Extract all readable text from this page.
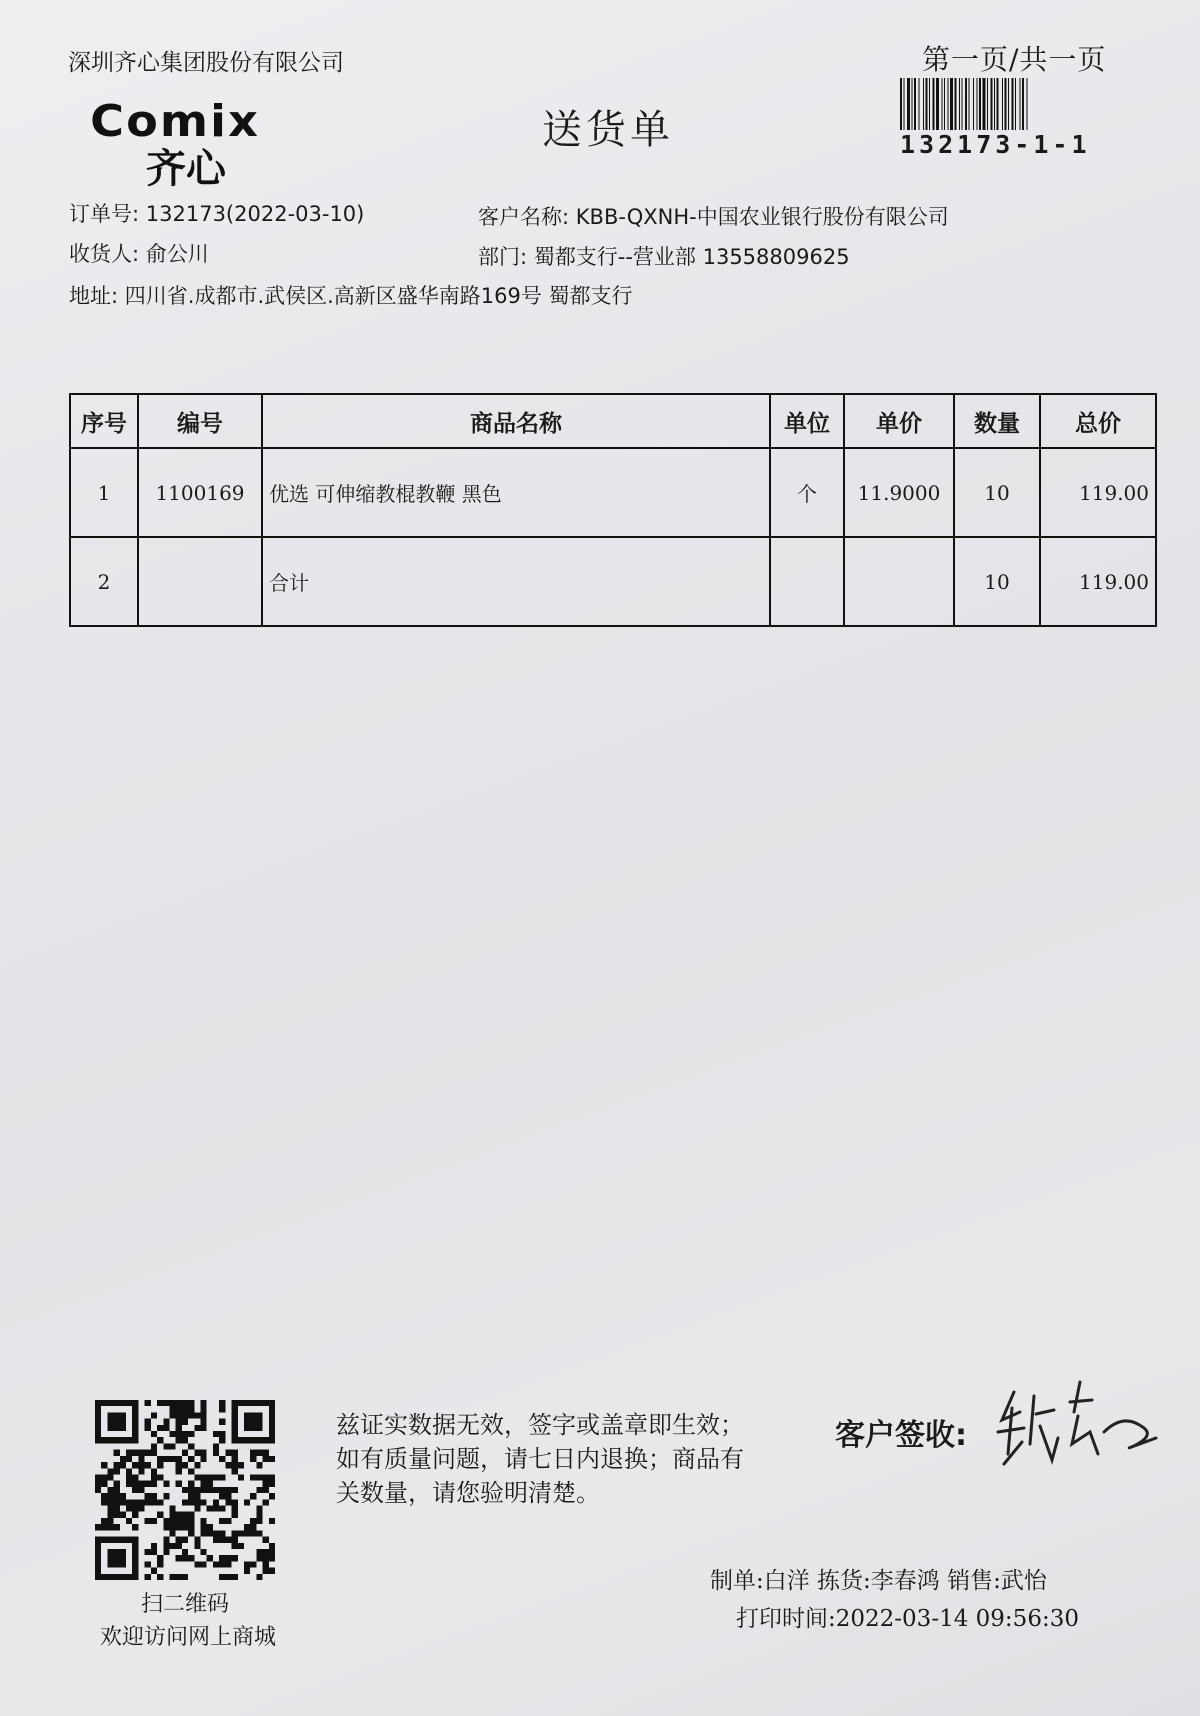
深圳齐心集团股份有限公司	第一页/共一页
132173-1-1
Comix
齐心
送货单
订单号: 132173(2022-03-10)	客户名称: KBB-QXNH-中国农业银行股份有限公司
收货人: 俞公川	部门: 蜀都支行--营业部 13558809625
地址: 四川省.成都市.武侯区.高新区盛华南路169号 蜀都支行
序号	编号	商品名称	单位	单价	数量	总价
1	1100169	优选 可伸缩教棍教鞭 黑色	个	11.9000	10	119.00
2		合计			10	119.00
扫二维码
欢迎访问网上商城
兹证实数据无效，签字或盖章即生效；如有质量问题，请七日内退换；商品有关数量，请您验明清楚。
客户签收:
制单:白洋 拣货:李春鸿 销售:武怡
打印时间:2022-03-14 09:56:30
